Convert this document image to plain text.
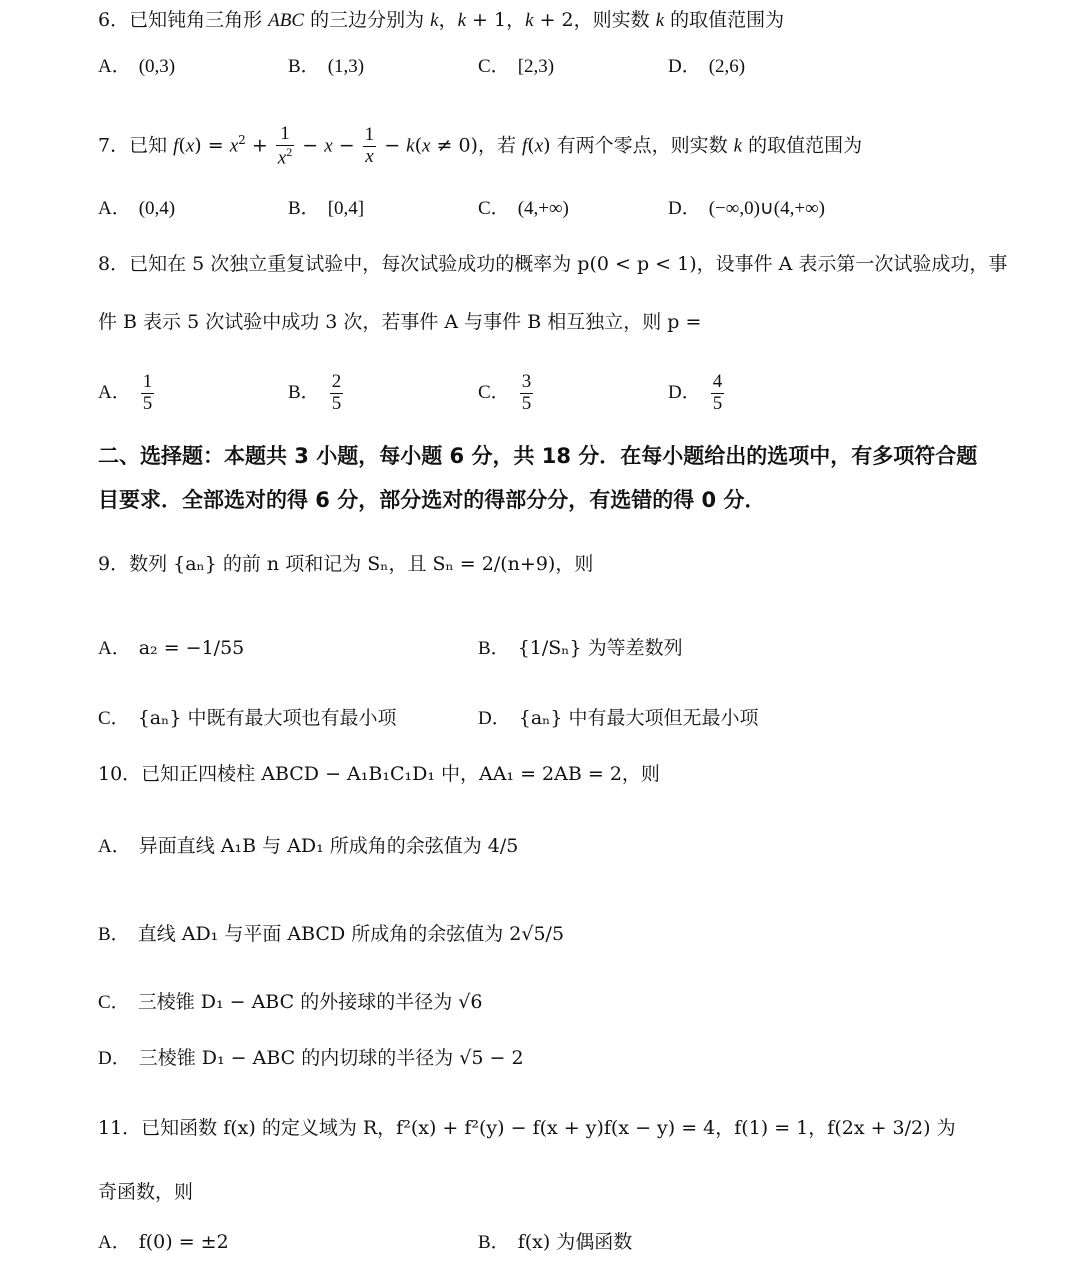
6．已知钝角三角形 ABC 的三边分别为 k，k + 1，k + 2，则实数 k 的取值范围为
A． (0,3)	B． (1,3)	C． [2,3)	D． (2,6)
7．已知 $f(x) = x^2 + \frac{1}{x^2} - x - \frac{1}{x} - k(x \ne 0)$，若 f(x) 有两个零点，则实数 k 的取值范围为
A． (0,4)	B． [0,4]	C． (4,+∞)	D． (−∞,0)∪(4,+∞)
8．已知在 5 次独立重复试验中，每次试验成功的概率为 p(0 < p < 1)，设事件 A 表示第一次试验成功，事
件 B 表示 5 次试验中成功 3 次，若事件 A 与事件 B 相互独立，则 p =
A． $\frac{1}{5}$	B． $\frac{2}{5}$	C． $\frac{3}{5}$	D． $\frac{4}{5}$
二、选择题：本题共 3 小题，每小题 6 分，共 18 分．在每小题给出的选项中，有多项符合题目要求．全部选对的得 6 分，部分选对的得部分分，有选错的得 0 分．
9．数列 {aₙ} 的前 n 项和记为 Sₙ，且 Sₙ = 2/(n+9)，则
A． a₂ = −1/55	B． {1/Sₙ} 为等差数列
C． {aₙ} 中既有最大项也有最小项	D． {aₙ} 中有最大项但无最小项
10．已知正四棱柱 ABCD − A₁B₁C₁D₁ 中，AA₁ = 2AB = 2，则
A． 异面直线 A₁B 与 AD₁ 所成角的余弦值为 4/5
B． 直线 AD₁ 与平面 ABCD 所成角的余弦值为 2√5/5
C． 三棱锥 D₁ − ABC 的外接球的半径为 √6
D． 三棱锥 D₁ − ABC 的内切球的半径为 √5 − 2
11．已知函数 f(x) 的定义域为 R，f²(x) + f²(y) − f(x + y)f(x − y) = 4，f(1) = 1，f(2x + 3/2) 为
奇函数，则
A． f(0) = ±2	B． f(x) 为偶函数
